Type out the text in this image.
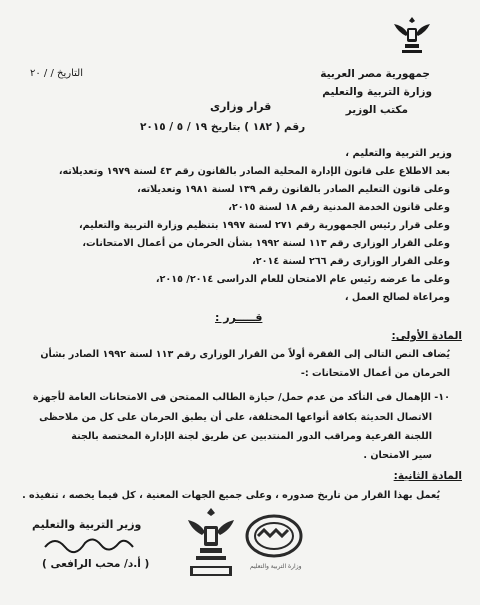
التاريخ / / ٢٠	جمهورية مصر العربية
وزارة التربية والتعليم
مكتب الوزير
قرار وزارى
رقم ( ١٨٢ ) بتاريخ ١٩ / ٥ / ٢٠١٥
وزير التربية والتعليم ،
بعد الاطلاع على قانون الإدارة المحلية الصادر بالقانون رقم ٤٣ لسنة ١٩٧٩ وتعديلاته،
وعلى قانون التعليم الصادر بالقانون رقم ١٣٩ لسنة ١٩٨١ وتعديلاته،
وعلى قانون الخدمة المدنية رقم ١٨ لسنة ٢٠١٥،
وعلى قرار رئيس الجمهورية رقم ٢٧١ لسنة ١٩٩٧ بتنظيم وزارة التربية والتعليم،
وعلى القرار الوزارى رقم ١١٣ لسنة ١٩٩٢ بشأن الحرمان من أعمال الامتحانات،
وعلى القرار الوزارى رقم ٢٦٦ لسنة ٢٠١٤،
وعلى ما عرضه رئيس عام الامتحان للعام الدراسى ٢٠١٤/ ٢٠١٥،
ومراعاة لصالح العمل ،
قـــــرر :
المادة الأولى:
يُضاف النص التالى إلى الفقرة أولاً من القرار الوزارى رقم ١١٣ لسنة ١٩٩٢ الصادر بشأن
الحرمان من أعمال الامتحانات :-
١٠- الإهمال فى التأكد من عدم حمل/ حيازة الطالب الممتحن فى الامتحانات العامة لأجهزة
الاتصال الحديثة بكافة أنواعها المختلفة، على أن يطبق الحرمان على كل من ملاحظى
اللجنة الفرعية ومراقب الدور المنتدبين عن طريق لجنة الإدارة المختصة بالجنة
سير الامتحان .
المادة الثانية:
يُعمل بهذا القرار من تاريخ صدوره ، وعلى جميع الجهات المعنية ، كل فيما يخصه ، تنفيذه .
وزير التربية والتعليم
( أ.د/ محب الرافعى )	وزارة التربية والتعليم
